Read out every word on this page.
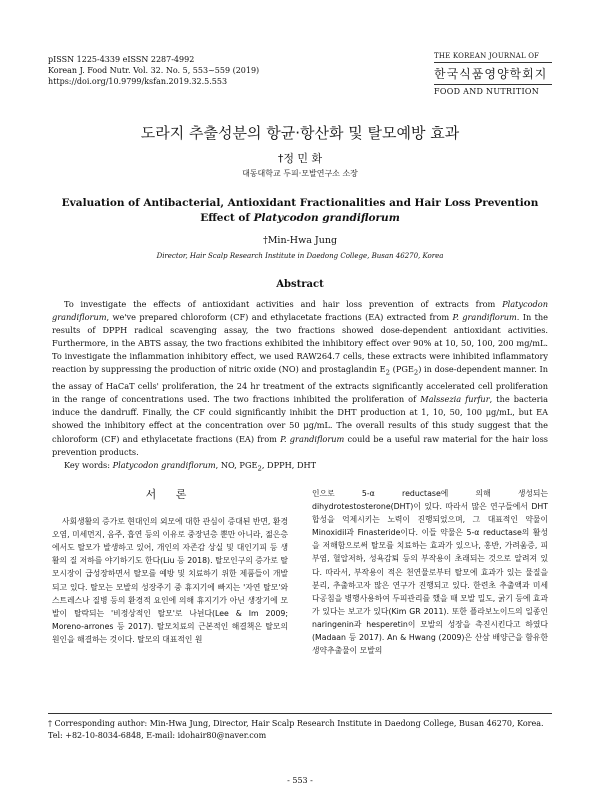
pISSN 1225-4339 eISSN 2287-4992
Korean J. Food Nutr. Vol. 32. No. 5, 553~559 (2019)
https://doi.org/10.9799/ksfan.2019.32.5.553
THE KOREAN JOURNAL OF
한국식품영양학회지
FOOD AND NUTRITION
도라지 추출성분의 항균·항산화 및 탈모예방 효과
†정 민 화
대동대학교 두피·모발연구소 소장
Evaluation of Antibacterial, Antioxidant Fractionalities and Hair Loss Prevention
Effect of Platycodon grandiflorum
†Min-Hwa Jung
Director, Hair Scalp Research Institute in Daedong College, Busan 46270, Korea
Abstract

To investigate the effects of antioxidant activities and hair loss prevention of extracts from Platycodon grandiflorum, we've prepared chloroform (CF) and ethylacetate fractions (EA) extracted from P. grandiflorum. In the results of DPPH radical scavenging assay, the two fractions showed dose-dependent antioxidant activities. Furthermore, in the ABTS assay, the two fractions exhibited the inhibitory effect over 90% at 10, 50, 100, 200 mg/mL. To investigate the inflammation inhibitory effect, we used RAW264.7 cells, these extracts were inhibited inflammatory reaction by suppressing the production of nitric oxide (NO) and prostaglandin $E_2$ $(PGE_2)$ in dose-dependent manner. In the assay of HaCaT cells' proliferation, the 24 hr treatment of the extracts significantly accelerated cell proliferation in the range of concentrations used. The two fractions inhibited the proliferation of Malssezia furfur, the bacteria induce the dandruff. Finally, the CF could significantly inhibit the DHT production at 1, 10, 50, 100 μg/mL, but EA showed the inhibitory effect at the concentration over 50 μg/mL. The overall results of this study suggest that the chloroform (CF) and ethylacetate fractions (EA) from P. grandiflorum could be a useful raw material for the hair loss prevention products.

Key words: Platycodon grandiflorum, NO, $PGE_2$, DPPH, DHT

서 론

사회생활의 증가로 현대인의 외모에 대한 관심이 증대된 반면, 환경오염, 미세먼지, 음주, 흡연 등의 이유로 중장년층 뿐만 아니라, 젊은층에서도 탈모가 발생하고 있어, 개인의 자존감 상실 및 대인기피 등 생활의 질 저하를 야기하기도 한다(Liu 등 2018). 탈모인구의 증가로 탈모시장이 급성장하면서 탈모를 예방 및 치료하기 위한 제품들이 개발되고 있다. 탈모는 모발의 성장주기 중 휴지기에 빠지는 '자연 탈모'와 스트레스나 질병 등의 환경적 요인에 의해 휴지기가 아닌 생장기에 모발이 탈락되는 '비정상적인 탈모'로 나뉜다(Lee & Im 2009; Moreno-arrones 등 2017). 탈모치료의 근본적인 해결책은 탈모의 원인을 해결하는 것이다. 탈모의 대표적인 원

인으로 5-α reductase에 의해 생성되는 dihydrotestosterone(DHT)이 있다. 따라서 많은 연구들에서 DHT 합성을 억제시키는 노력이 진행되었으며, 그 대표적인 약물이 Minoxidil과 Finasteride이다. 이들 약물은 5-α reductase의 활성을 저해함으로써 탈모를 치료하는 효과가 있으나, 홍반, 가려움증, 피부염, 혈압저하, 성욕감퇴 등의 부작용이 초래되는 것으로 알려져 있다. 따라서, 부작용이 적은 천연물로부터 탈모에 효과가 있는 물질을 분리, 추출하고자 많은 연구가 진행되고 있다. 한련초 추출액과 미세 다공침을 병행사용하여 두피관리를 했을 때 모발 밀도, 굵기 등에 효과가 있다는 보고가 있다(Kim GR 2011). 또한 플라보노이드의 일종인 naringenin과 hesperetin이 모발의 성장을 촉진시킨다고 하였다(Madaan 등 2017). An & Hwang (2009)은 산삼 배양근을 함유한 생약추출물이 모발의

† Corresponding author: Min-Hwa Jung, Director, Hair Scalp Research Institute in Daedong College, Busan 46270, Korea. Tel: +82-10-8034-6848, E-mail: idohair80@naver.com
- 553 -
